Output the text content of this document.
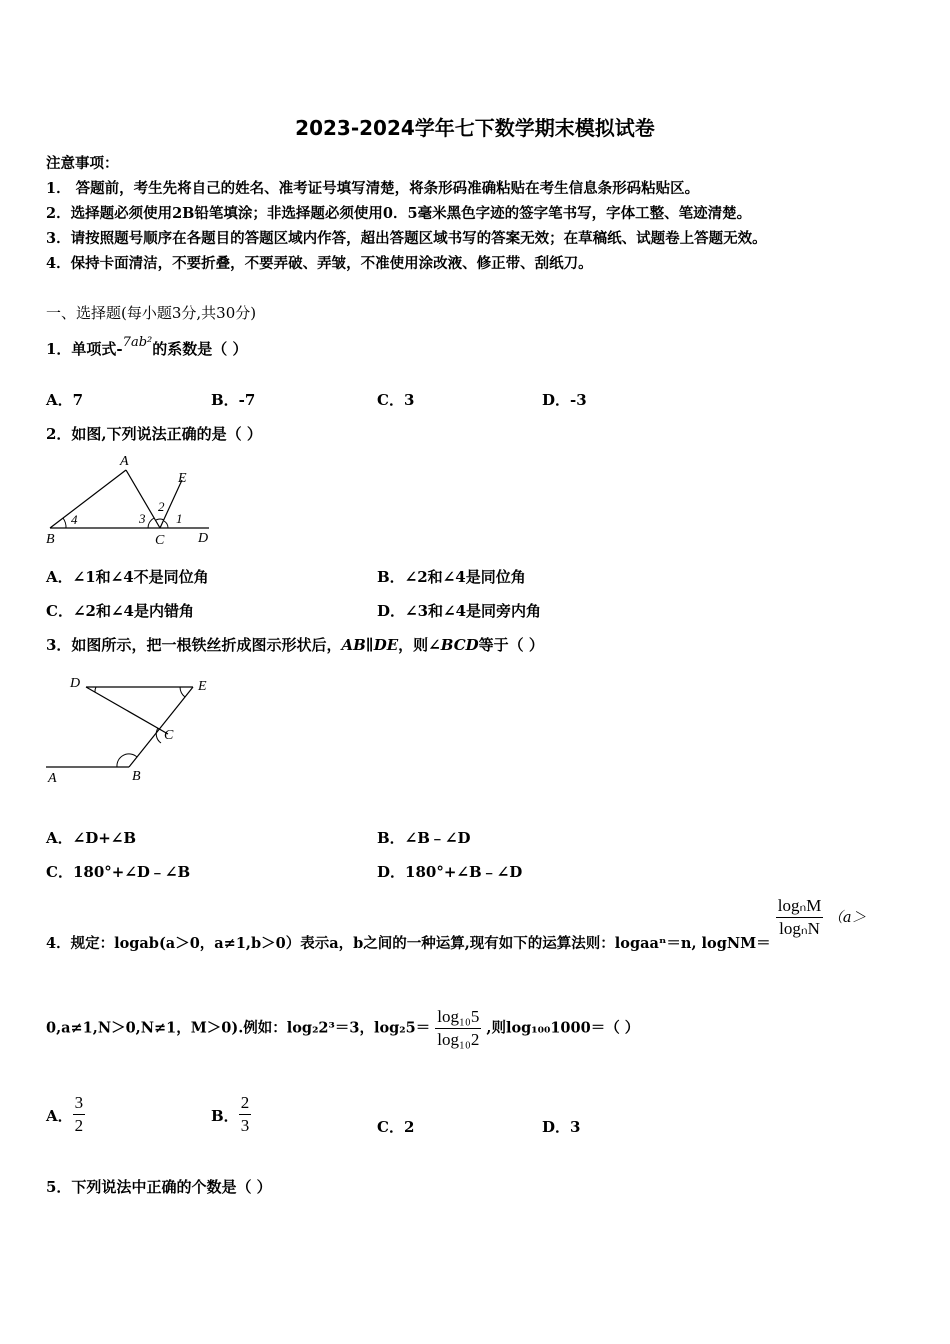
2023-2024学年七下数学期末模拟试卷
注意事项：
1． 答题前，考生先将自己的姓名、准考证号填写清楚，将条形码准确粘贴在考生信息条形码粘贴区。
2．选择题必须使用2B铅笔填涂；非选择题必须使用0．5毫米黑色字迹的签字笔书写，字体工整、笔迹清楚。
3．请按照题号顺序在各题目的答题区域内作答，超出答题区域书写的答案无效；在草稿纸、试题卷上答题无效。
4．保持卡面清洁，不要折叠，不要弄破、弄皱，不准使用涂改液、修正带、刮纸刀。
一、选择题(每小题3分,共30分)
1．单项式-7ab²的系数是（ ）
A．7	B．-7	C．3	D．-3
2．如图,下列说法正确的是（ ）
A
E
B	C D
4	3
2
1
A．∠1和∠4不是同位角	B．∠2和∠4是同位角
C．∠2和∠4是内错角	D．∠3和∠4是同旁内角
3．如图所示，把一根铁丝折成图示形状后，AB∥DE，则∠BCD等于（ ）
D	E
C
A	B
A．∠D+∠B	B．∠B﹣∠D
C．180°+∠D﹣∠B	D．180°+∠B﹣∠D
4．规定：logab(a＞0，a≠1,b＞0）表示a，b之间的一种运算,现有如下的运算法则：logaaⁿ＝n, logNM＝
$\frac{\text{logₙM}}{\text{logₙN}} (a>$
0,a≠1,N＞0,N≠1，M＞0).例如：log₂2³＝3，$\log_25= \frac{\text{log₁₀5}}{\text{log₁₀2}}$ ,则log₁₀₀1000＝（ ）
A． $\frac{3}{2}$	B． $\frac{2}{3}$	C．2	D．3
5．下列说法中正确的个数是（ ）
